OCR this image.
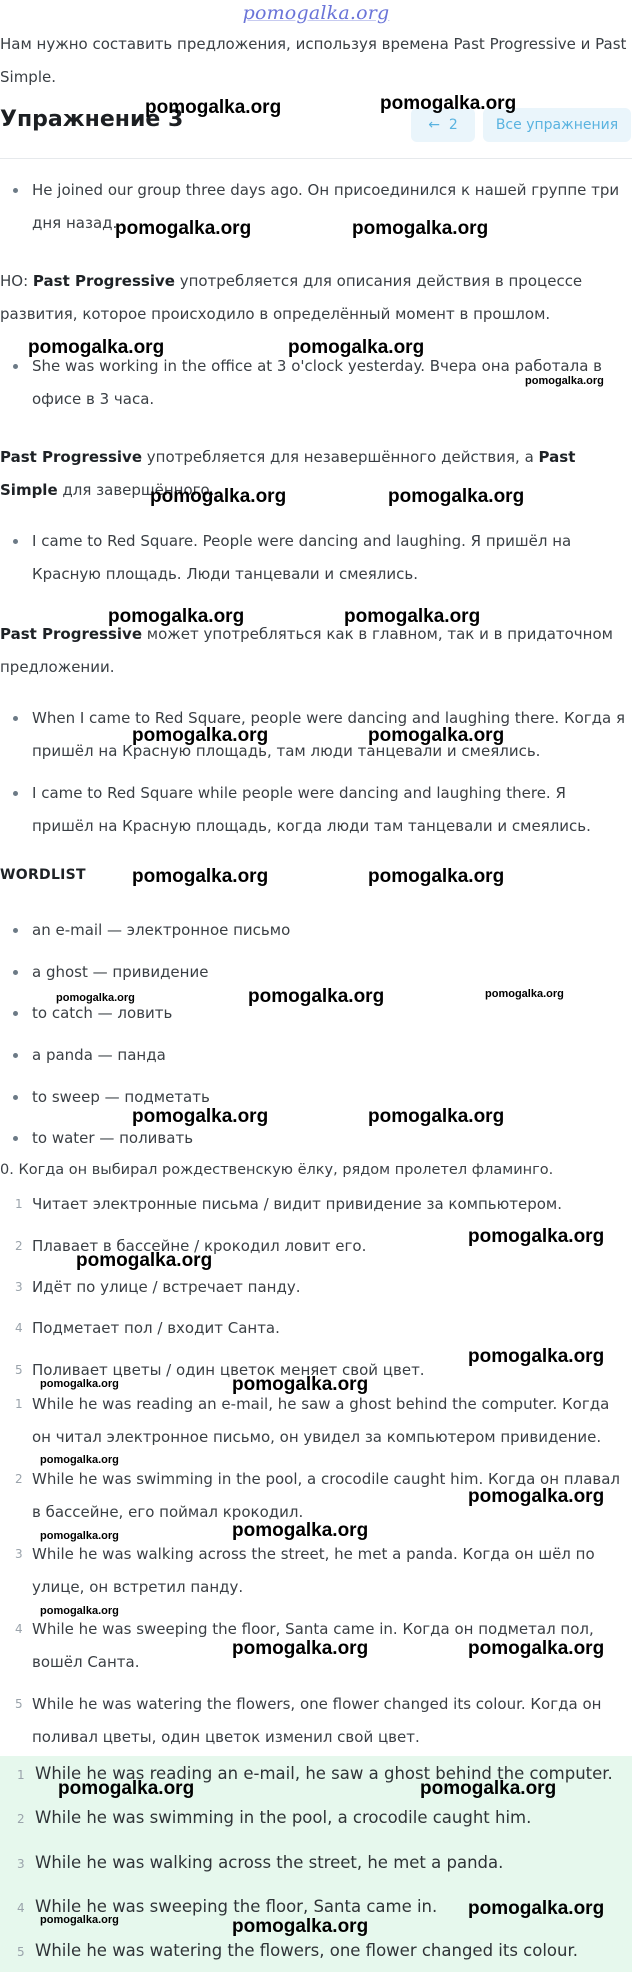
pomogalka.org
Нам нужно составить предложения, используя времена Past Progressive и Past Simple.
Упражнение 3	← 2	Все упражнения
He joined our group three days ago. Он присоединился к нашей группе три дня назад.
НО: Past Progressive употребляется для описания действия в процессе развития, которое происходило в определённый момент в прошлом.
She was working in the office at 3 o'clock yesterday. Вчера она работала в офисе в 3 часа.
Past Progressive употребляется для незавершённого действия, а Past Simple для завершённого.
I came to Red Square. People were dancing and laughing. Я пришёл на Красную площадь. Люди танцевали и смеялись.
Past Progressive может употребляться как в главном, так и в придаточном предложении.
When I came to Red Square, people were dancing and laughing there. Когда я пришёл на Красную площадь, там люди танцевали и смеялись.
I came to Red Square while people were dancing and laughing there. Я пришёл на Красную площадь, когда люди там танцевали и смеялись.
WORDLIST
an e-mail — электронное письмо
a ghost — привидение
to catch — ловить
a panda — панда
to sweep — подметать
to water — поливать
0. Когда он выбирал рождественскую ёлку, рядом пролетел фламинго.
1 Читает электронные письма / видит привидение за компьютером.
2 Плавает в бассейне / крокодил ловит его.
3 Идёт по улице / встречает панду.
4 Подметает пол / входит Санта.
5 Поливает цветы / один цветок меняет свой цвет.
1 While he was reading an e-mail, he saw a ghost behind the computer. Когда он читал электронное письмо, он увидел за компьютером привидение.
2 While he was swimming in the pool, a crocodile caught him. Когда он плавал в бассейне, его поймал крокодил.
3 While he was walking across the street, he met a panda. Когда он шёл по улице, он встретил панду.
4 While he was sweeping the floor, Santa came in. Когда он подметал пол, вошёл Санта.
5 While he was watering the flowers, one flower changed its colour. Когда он поливал цветы, один цветок изменил свой цвет.
1 While he was reading an e-mail, he saw a ghost behind the computer.
2 While he was swimming in the pool, a crocodile caught him.
3 While he was walking across the street, he met a panda.
4 While he was sweeping the floor, Santa came in.
5 While he was watering the flowers, one flower changed its colour.
pomogalka.org	pomogalka.org
pomogalka.org	pomogalka.org
pomogalka.org	pomogalka.org
pomogalka.org
pomogalka.org	pomogalka.org
pomogalka.org	pomogalka.org
pomogalka.org	pomogalka.org
pomogalka.org	pomogalka.org
pomogalka.org	pomogalka.org	pomogalka.org
pomogalka.org	pomogalka.org
pomogalka.org
pomogalka.org
pomogalka.org
pomogalka.org
pomogalka.org
pomogalka.org
pomogalka.org
pomogalka.org
pomogalka.org
pomogalka.org
pomogalka.org	pomogalka.org
pomogalka.org	pomogalka.org
pomogalka.org
pomogalka.org	pomogalka.org
